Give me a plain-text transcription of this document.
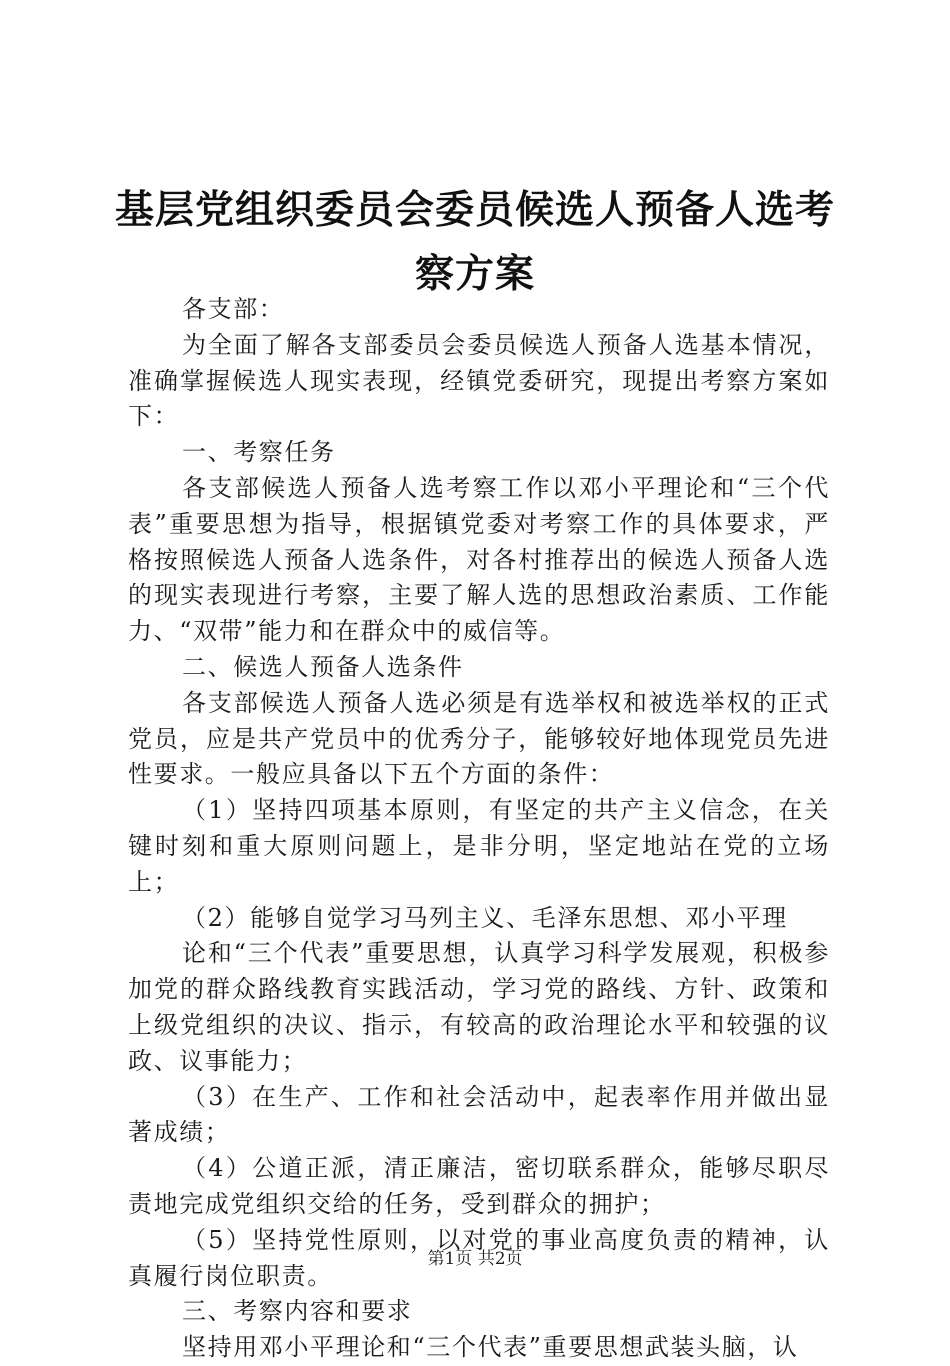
基层党组织委员会委员候选人预备人选考察方案

各支部：

为全面了解各支部委员会委员候选人预备人选基本情况，准确掌握候选人现实表现，经镇党委研究，现提出考察方案如下：

一、考察任务

各支部候选人预备人选考察工作以邓小平理论和“三个代表”重要思想为指导，根据镇党委对考察工作的具体要求，严格按照候选人预备人选条件，对各村推荐出的候选人预备人选的现实表现进行考察，主要了解人选的思想政治素质、工作能力、“双带”能力和在群众中的威信等。

二、候选人预备人选条件

各支部候选人预备人选必须是有选举权和被选举权的正式党员，应是共产党员中的优秀分子，能够较好地体现党员先进性要求。一般应具备以下五个方面的条件：

（1）坚持四项基本原则，有坚定的共产主义信念，在关键时刻和重大原则问题上，是非分明，坚定地站在党的立场上；

（2）能够自觉学习马列主义、毛泽东思想、邓小平理

论和“三个代表”重要思想，认真学习科学发展观，积极参加党的群众路线教育实践活动，学习党的路线、方针、政策和上级党组织的决议、指示，有较高的政治理论水平和较强的议政、议事能力；

（3）在生产、工作和社会活动中，起表率作用并做出显著成绩；

（4）公道正派，清正廉洁，密切联系群众，能够尽职尽责地完成党组织交给的任务，受到群众的拥护；

（5）坚持党性原则，以对党的事业高度负责的精神，认真履行岗位职责。

三、考察内容和要求

坚持用邓小平理论和“三个代表”重要思想武装头脑，认

第1页 共2页
